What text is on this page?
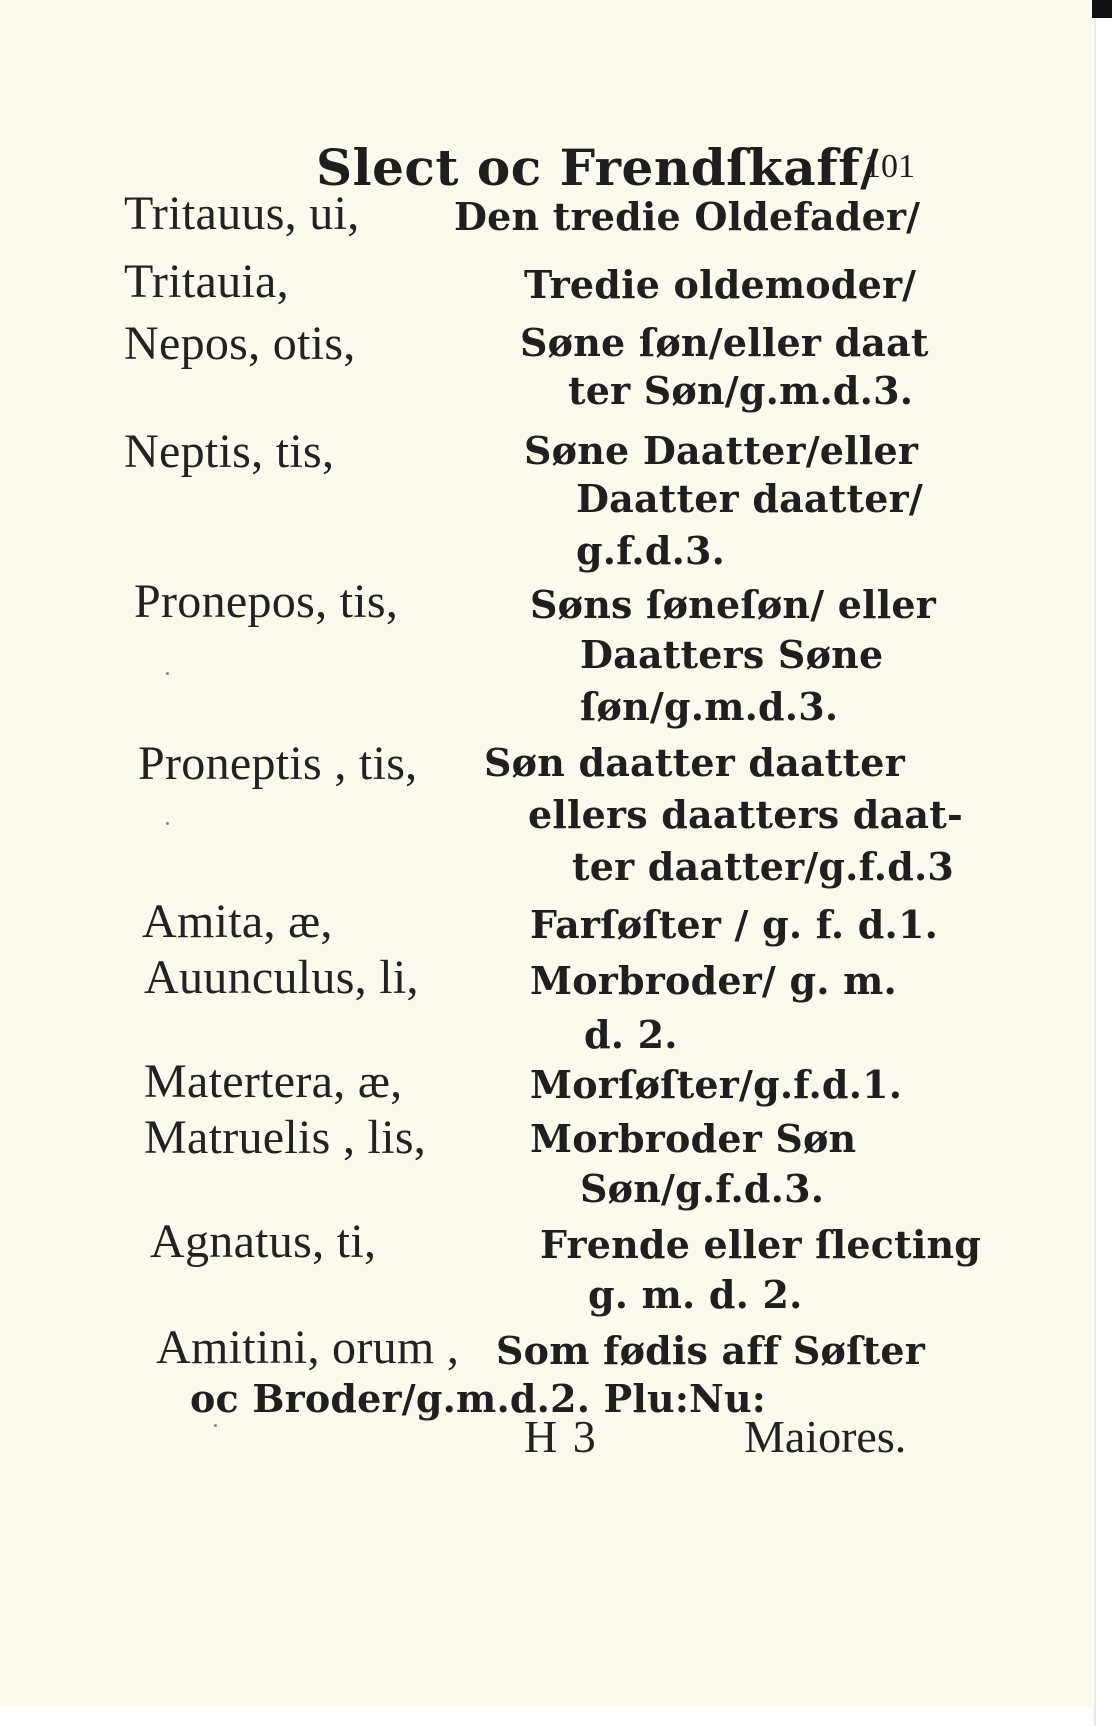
Slect oc Frendſkaff/
101
Tritauus, ui, Den tredie Oldefader/
Tritauia,	Tredie oldemoder/
Nepos, otis,	Søne ſøn/eller daat
ter Søn/g.m.d.3.
Neptis, tis,	Søne Daatter/eller
Daatter daatter/
g.f.d.3.
Pronepos, tis,	Søns ſøneſøn/ eller
Daatters Søne
ſøn/g.m.d.3.
Proneptis , tis, Søn daatter daatter
ellers daatters daat-
ter daatter/g.f.d.3
Amita, æ,	Farſøſter / g. f. d.1.
Auunculus, li,	Morbroder/ g. m.
d. 2.
Matertera, æ,	Morſøſter/g.f.d.1.
Matruelis , lis,	Morbroder Søn
Søn/g.f.d.3.
Agnatus, ti,	Frende eller ſlecting
g. m. d. 2.
Amitini, orum , Som fødis aff Søſter
oc Broder/g.m.d.2. Plu:Nu:
H 3	Maiores.
